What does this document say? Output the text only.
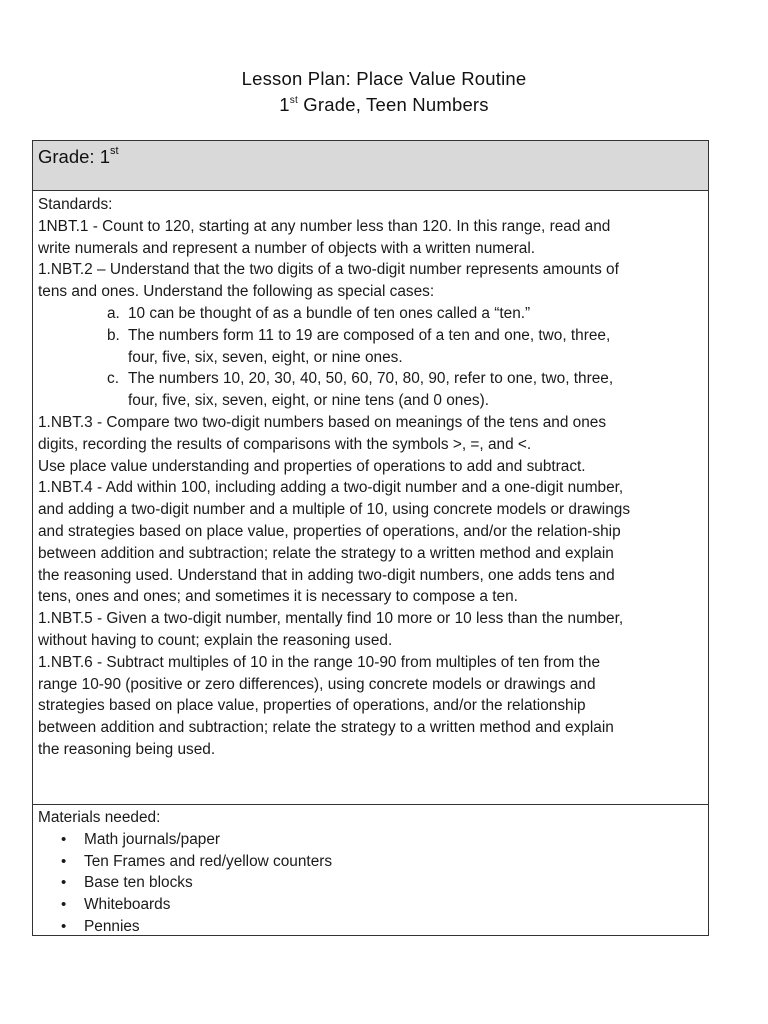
Lesson Plan: Place Value Routine
1st Grade, Teen Numbers
Grade: 1st
Standards:
1NBT.1 - Count to 120, starting at any number less than 120. In this range, read and
write numerals and represent a number of objects with a written numeral.
1.NBT.2 – Understand that the two digits of a two-digit number represents amounts of
tens and ones. Understand the following as special cases:
a. 10 can be thought of as a bundle of ten ones called a “ten.”
b. The numbers form 11 to 19 are composed of a ten and one, two, three,
four, five, six, seven, eight, or nine ones.
c. The numbers 10, 20, 30, 40, 50, 60, 70, 80, 90, refer to one, two, three,
four, five, six, seven, eight, or nine tens (and 0 ones).
1.NBT.3 - Compare two two-digit numbers based on meanings of the tens and ones
digits, recording the results of comparisons with the symbols >, =, and <.
Use place value understanding and properties of operations to add and subtract.
1.NBT.4 - Add within 100, including adding a two-digit number and a one-digit number,
and adding a two-digit number and a multiple of 10, using concrete models or drawings
and strategies based on place value, properties of operations, and/or the relation-ship
between addition and subtraction; relate the strategy to a written method and explain
the reasoning used. Understand that in adding two-digit numbers, one adds tens and
tens, ones and ones; and sometimes it is necessary to compose a ten.
1.NBT.5 - Given a two-digit number, mentally find 10 more or 10 less than the number,
without having to count; explain the reasoning used.
1.NBT.6 - Subtract multiples of 10 in the range 10-90 from multiples of ten from the
range 10-90 (positive or zero differences), using concrete models or drawings and
strategies based on place value, properties of operations, and/or the relationship
between addition and subtraction; relate the strategy to a written method and explain
the reasoning being used.
Materials needed:
• Math journals/paper
• Ten Frames and red/yellow counters
• Base ten blocks
• Whiteboards
• Pennies
